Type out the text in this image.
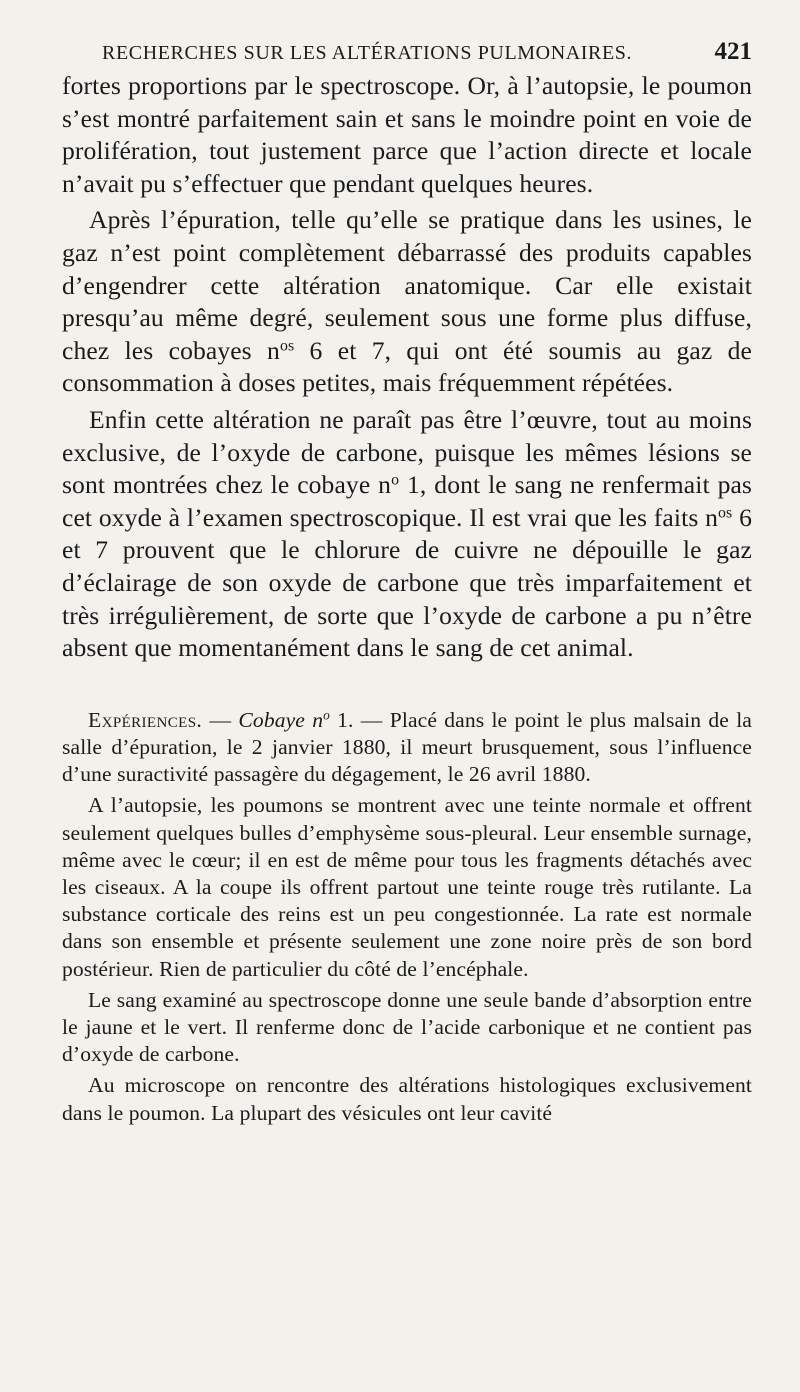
RECHERCHES SUR LES ALTÉRATIONS PULMONAIRES.	421

fortes proportions par le spectroscope. Or, à l’autopsie, le poumon s’est montré parfaitement sain et sans le moindre point en voie de prolifération, tout justement parce que l’action directe et locale n’avait pu s’effectuer que pendant quelques heures.

Après l’épuration, telle qu’elle se pratique dans les usines, le gaz n’est point complètement débarrassé des produits capables d’engendrer cette altération anatomique. Car elle existait presqu’au même degré, seulement sous une forme plus diffuse, chez les cobayes $n^{os}$ 6 et 7, qui ont été soumis au gaz de consommation à doses petites, mais fréquemment répétées.

Enfin cette altération ne paraît pas être l’œuvre, tout au moins exclusive, de l’oxyde de carbone, puisque les mêmes lésions se sont montrées chez le cobaye $n^o$ 1, dont le sang ne renfermait pas cet oxyde à l’examen spectroscopique. Il est vrai que les faits $n^{os}$ 6 et 7 prouvent que le chlorure de cuivre ne dépouille le gaz d’éclairage de son oxyde de carbone que très imparfaitement et très irrégulièrement, de sorte que l’oxyde de carbone a pu n’être absent que momentanément dans le sang de cet animal.

Expériences. — Cobaye $n^o$ 1. — Placé dans le point le plus malsain de la salle d’épuration, le 2 janvier 1880, il meurt brusquement, sous l’influence d’une suractivité passagère du dégagement, le 26 avril 1880.

A l’autopsie, les poumons se montrent avec une teinte normale et offrent seulement quelques bulles d’emphysème sous-pleural. Leur ensemble surnage, même avec le cœur; il en est de même pour tous les fragments détachés avec les ciseaux. A la coupe ils offrent partout une teinte rouge très rutilante. La substance corticale des reins est un peu congestionnée. La rate est normale dans son ensemble et présente seulement une zone noire près de son bord postérieur. Rien de particulier du côté de l’encéphale.

Le sang examiné au spectroscope donne une seule bande d’absorption entre le jaune et le vert. Il renferme donc de l’acide carbonique et ne contient pas d’oxyde de carbone.

Au microscope on rencontre des altérations histologiques exclusivement dans le poumon. La plupart des vésicules ont leur cavité
